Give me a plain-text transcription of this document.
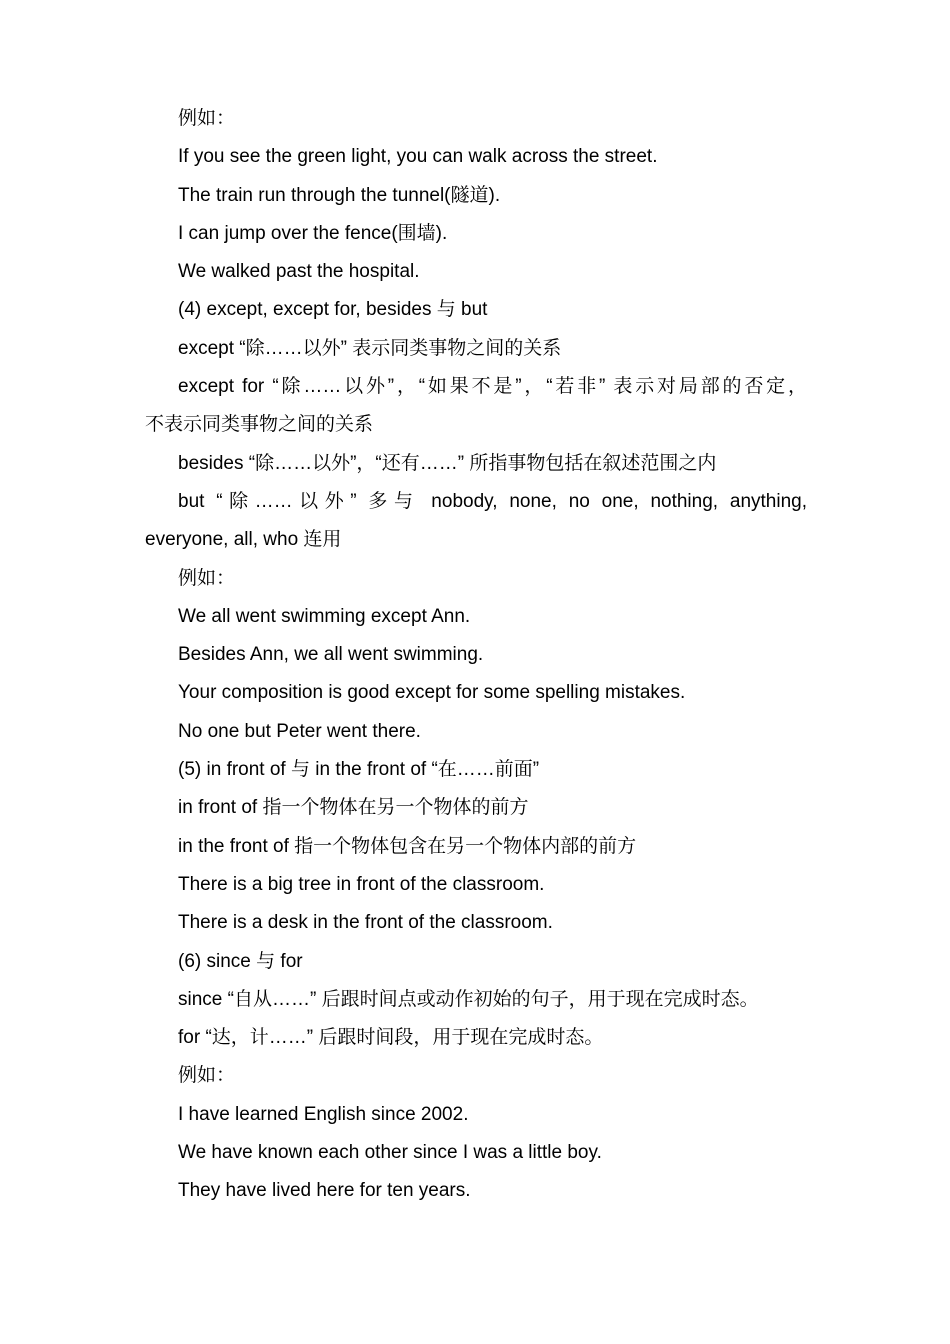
例如：
If you see the green light, you can walk across the street.
The train run through the tunnel(隧道).
I can jump over the fence(围墙).
We walked past the hospital.
(4) except, except for, besides 与 but
except “除……以外” 表示同类事物之间的关系
except for “除……以外”，“如果不是”，“若非” 表示对局部的否定，
不表示同类事物之间的关系
besides “除……以外”，“还有……” 所指事物包括在叙述范围之内
but “除……以外” 多与 nobody, none, no one, nothing, anything,
everyone, all, who 连用
例如：
We all went swimming except Ann.
Besides Ann, we all went swimming.
Your composition is good except for some spelling mistakes.
No one but Peter went there.
(5) in front of 与 in the front of “在……前面”
in front of 指一个物体在另一个物体的前方
in the front of 指一个物体包含在另一个物体内部的前方
There is a big tree in front of the classroom.
There is a desk in the front of the classroom.
(6) since 与 for
since “自从……” 后跟时间点或动作初始的句子，用于现在完成时态。
for “达，计……” 后跟时间段，用于现在完成时态。
例如：
I have learned English since 2002.
We have known each other since I was a little boy.
They have lived here for ten years.
